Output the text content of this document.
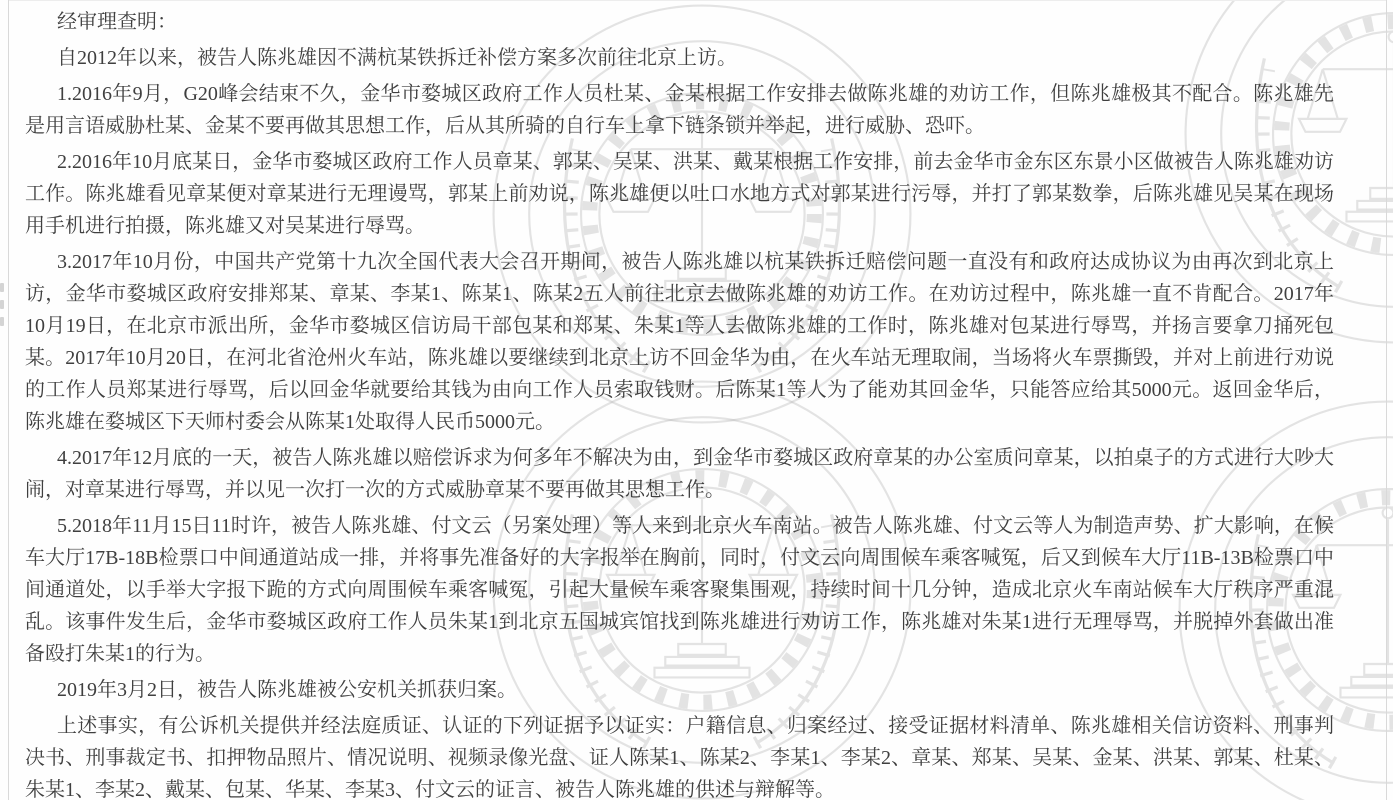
经审理查明：

自2012年以来，被告人陈兆雄因不满杭某铁拆迁补偿方案多次前往北京上访。

1.2016年9月，G20峰会结束不久，金华市婺城区政府工作人员杜某、金某根据工作安排去做陈兆雄的劝访工作，但陈兆雄极其不配合。陈兆雄先是用言语威胁杜某、金某不要再做其思想工作，后从其所骑的自行车上拿下链条锁并举起，进行威胁、恐吓。

2.2016年10月底某日，金华市婺城区政府工作人员章某、郭某、吴某、洪某、戴某根据工作安排，前去金华市金东区东景小区做被告人陈兆雄劝访工作。陈兆雄看见章某便对章某进行无理谩骂，郭某上前劝说，陈兆雄便以吐口水地方式对郭某进行污辱，并打了郭某数拳，后陈兆雄见吴某在现场用手机进行拍摄，陈兆雄又对吴某进行辱骂。

3.2017年10月份，中国共产党第十九次全国代表大会召开期间，被告人陈兆雄以杭某铁拆迁赔偿问题一直没有和政府达成协议为由再次到北京上访，金华市婺城区政府安排郑某、章某、李某1、陈某1、陈某2五人前往北京去做陈兆雄的劝访工作。在劝访过程中，陈兆雄一直不肯配合。2017年10月19日，在北京市派出所，金华市婺城区信访局干部包某和郑某、朱某1等人去做陈兆雄的工作时，陈兆雄对包某进行辱骂，并扬言要拿刀捅死包某。2017年10月20日，在河北省沧州火车站，陈兆雄以要继续到北京上访不回金华为由，在火车站无理取闹，当场将火车票撕毁，并对上前进行劝说的工作人员郑某进行辱骂，后以回金华就要给其钱为由向工作人员索取钱财。后陈某1等人为了能劝其回金华，只能答应给其5000元。返回金华后，陈兆雄在婺城区下天师村委会从陈某1处取得人民币5000元。

4.2017年12月底的一天，被告人陈兆雄以赔偿诉求为何多年不解决为由，到金华市婺城区政府章某的办公室质问章某，以拍桌子的方式进行大吵大闹，对章某进行辱骂，并以见一次打一次的方式威胁章某不要再做其思想工作。

5.2018年11月15日11时许，被告人陈兆雄、付文云（另案处理）等人来到北京火车南站。被告人陈兆雄、付文云等人为制造声势、扩大影响，在候车大厅17B-18B检票口中间通道站成一排，并将事先准备好的大字报举在胸前，同时，付文云向周围候车乘客喊冤，后又到候车大厅11B-13B检票口中间通道处，以手举大字报下跪的方式向周围候车乘客喊冤，引起大量候车乘客聚集围观，持续时间十几分钟，造成北京火车南站候车大厅秩序严重混乱。该事件发生后，金华市婺城区政府工作人员朱某1到北京五国城宾馆找到陈兆雄进行劝访工作，陈兆雄对朱某1进行无理辱骂，并脱掉外套做出准备殴打朱某1的行为。

2019年3月2日，被告人陈兆雄被公安机关抓获归案。

上述事实，有公诉机关提供并经法庭质证、认证的下列证据予以证实：户籍信息、归案经过、接受证据材料清单、陈兆雄相关信访资料、刑事判决书、刑事裁定书、扣押物品照片、情况说明、视频录像光盘、证人陈某1、陈某2、李某1、李某2、章某、郑某、吴某、金某、洪某、郭某、杜某、朱某1、李某2、戴某、包某、华某、李某3、付文云的证言、被告人陈兆雄的供述与辩解等。
